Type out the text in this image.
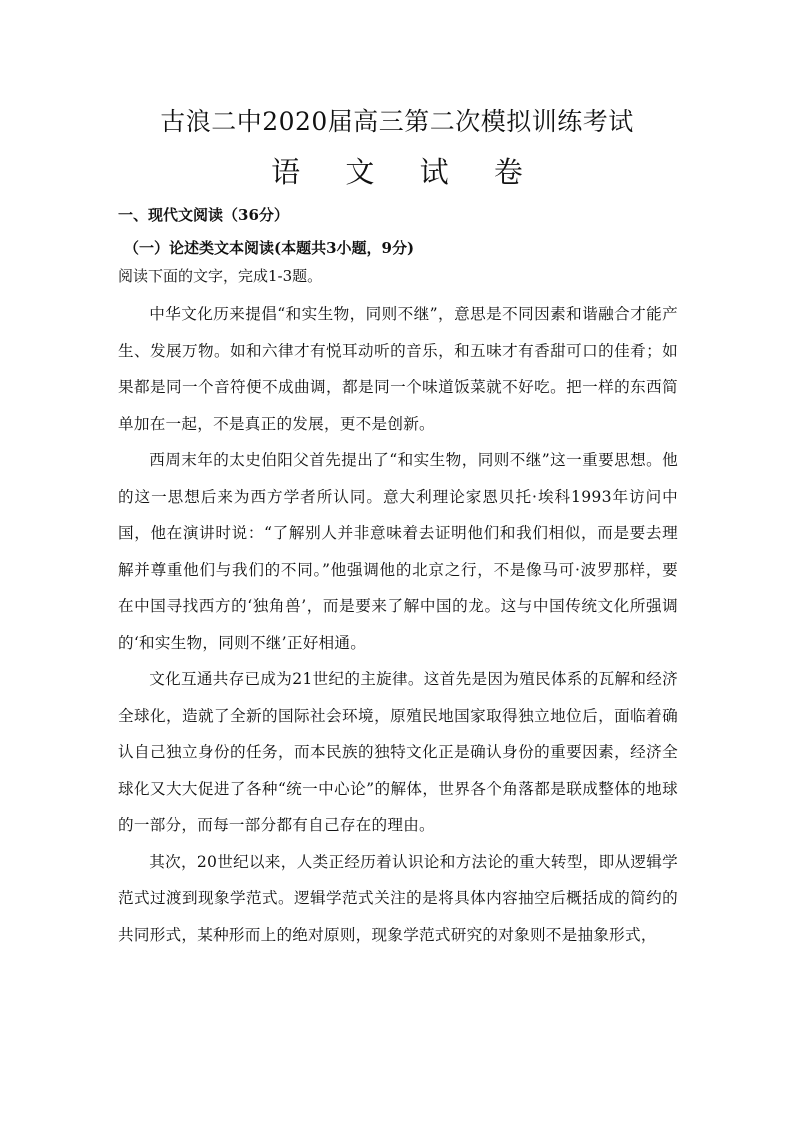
古浪二中2020届高三第二次模拟训练考试
语 文 试 卷

一、现代文阅读（36分）

（一）论述类文本阅读(本题共3小题，9分)

阅读下面的文字，完成1-3题。

中华文化历来提倡“和实生物，同则不继”，意思是不同因素和谐融合才能产生、发展万物。如和六律才有悦耳动听的音乐，和五味才有香甜可口的佳肴；如果都是同一个音符便不成曲调，都是同一个味道饭菜就不好吃。把一样的东西简单加在一起，不是真正的发展，更不是创新。

西周末年的太史伯阳父首先提出了“和实生物，同则不继”这一重要思想。他的这一思想后来为西方学者所认同。意大利理论家恩贝托·埃科1993年访问中国，他在演讲时说：“了解别人并非意味着去证明他们和我们相似，而是要去理解并尊重他们与我们的不同。”他强调他的北京之行，不是像马可·波罗那样，要在中国寻找西方的‘独角兽’，而是要来了解中国的龙。这与中国传统文化所强调的‘和实生物，同则不继’正好相通。

文化互通共存已成为21世纪的主旋律。这首先是因为殖民体系的瓦解和经济全球化，造就了全新的国际社会环境，原殖民地国家取得独立地位后，面临着确认自己独立身份的任务，而本民族的独特文化正是确认身份的重要因素，经济全球化又大大促进了各种“统一中心论”的解体，世界各个角落都是联成整体的地球的一部分，而每一部分都有自己存在的理由。

其次，20世纪以来，人类正经历着认识论和方法论的重大转型，即从逻辑学范式过渡到现象学范式。逻辑学范式关注的是将具体内容抽空后概括成的简约的共同形式，某种形而上的绝对原则，现象学范式研究的对象则不是抽象形式，
